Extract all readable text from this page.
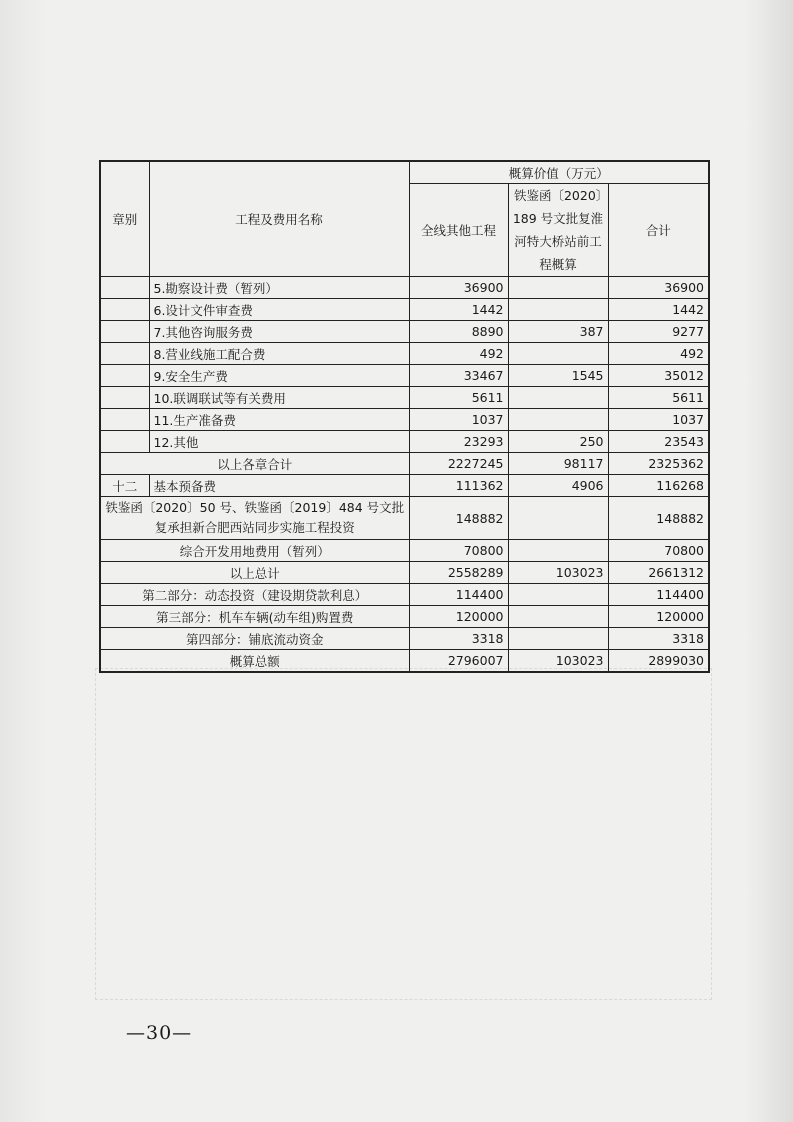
章别	工程及费用名称	概算价值（万元）		
		全线其他工程	铁鉴函〔2020〕189 号文批复淮河特大桥站前工程概算	合计
	5.勘察设计费（暂列）	36900		36900
	6.设计文件审查费	1442		1442
	7.其他咨询服务费	8890	387	9277
	8.营业线施工配合费	492		492
	9.安全生产费	33467	1545	35012
	10.联调联试等有关费用	5611		5611
	11.生产准备费	1037		1037
	12.其他	23293	250	23543
以上各章合计		2227245	98117	2325362
十二	基本预备费	111362	4906	116268
铁鉴函〔2020〕50 号、铁鉴函〔2019〕484 号文批复承担新合肥西站同步实施工程投资		148882		148882
综合开发用地费用（暂列）		70800		70800
以上总计		2558289	103023	2661312
第二部分：动态投资（建设期贷款利息）		114400		114400
第三部分：机车车辆(动车组)购置费		120000		120000
第四部分：铺底流动资金		3318		3318
概算总额		2796007	103023	2899030
—30—
